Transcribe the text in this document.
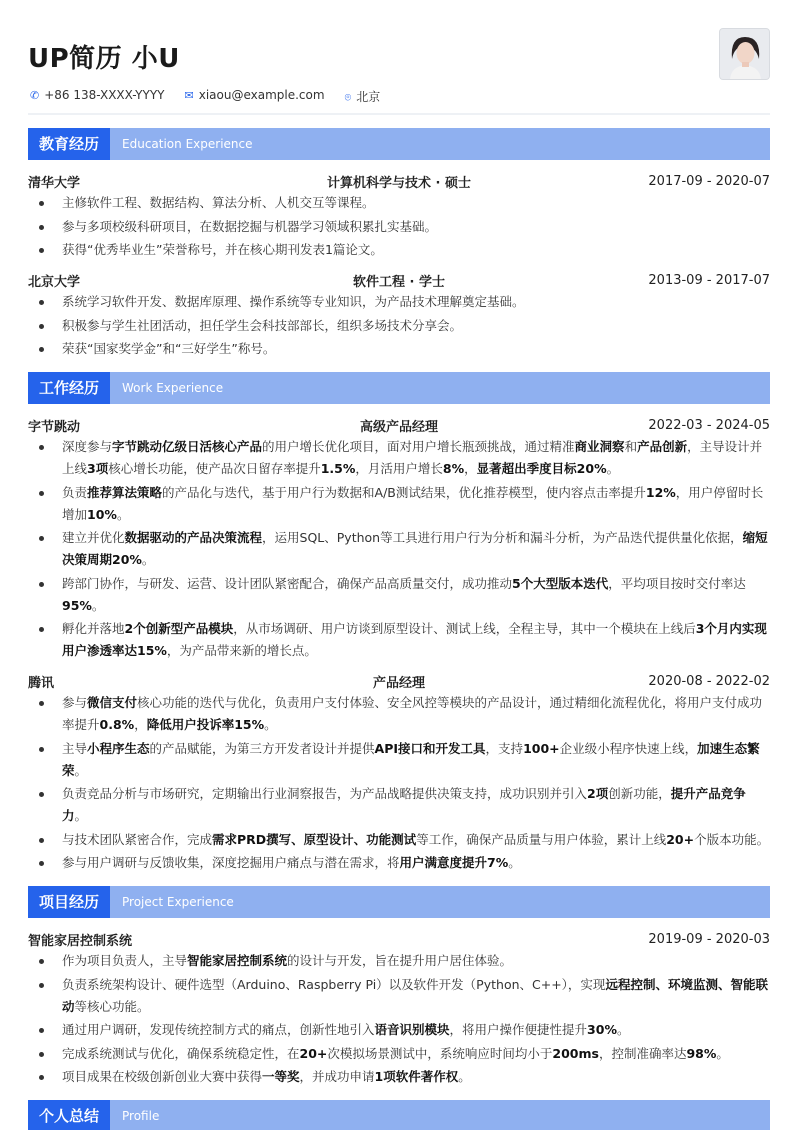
UP简历 小U
✆ +86 138-XXXX-YYYY ✉ xiaou@example.com ⌾ 北京
教育经历	Education Experience
清华大学	计算机科学与技术 · 硕士	2017-09 - 2020-07
主修软件工程、数据结构、算法分析、人机交互等课程。
参与多项校级科研项目，在数据挖掘与机器学习领域积累扎实基础。
获得“优秀毕业生”荣誉称号，并在核心期刊发表1篇论文。
北京大学	软件工程 · 学士	2013-09 - 2017-07
系统学习软件开发、数据库原理、操作系统等专业知识，为产品技术理解奠定基础。
积极参与学生社团活动，担任学生会科技部部长，组织多场技术分享会。
荣获“国家奖学金”和“三好学生”称号。
工作经历	Work Experience
字节跳动	高级产品经理	2022-03 - 2024-05
深度参与字节跳动亿级日活核心产品的用户增长优化项目，面对用户增长瓶颈挑战，通过精准商业洞察和产品创新，主导设计并上线3项核心增长功能，使产品次日留存率提升1.5%，月活用户增长8%，显著超出季度目标20%。
负责推荐算法策略的产品化与迭代，基于用户行为数据和A/B测试结果，优化推荐模型，使内容点击率提升12%，用户停留时长增加10%。
建立并优化数据驱动的产品决策流程，运用SQL、Python等工具进行用户行为分析和漏斗分析，为产品迭代提供量化依据，缩短决策周期20%。
跨部门协作，与研发、运营、设计团队紧密配合，确保产品高质量交付，成功推动5个大型版本迭代，平均项目按时交付率达95%。
孵化并落地2个创新型产品模块，从市场调研、用户访谈到原型设计、测试上线，全程主导，其中一个模块在上线后3个月内实现用户渗透率达15%，为产品带来新的增长点。
腾讯	产品经理	2020-08 - 2022-02
参与微信支付核心功能的迭代与优化，负责用户支付体验、安全风控等模块的产品设计，通过精细化流程优化，将用户支付成功率提升0.8%，降低用户投诉率15%。
主导小程序生态的产品赋能，为第三方开发者设计并提供API接口和开发工具，支持100+企业级小程序快速上线，加速生态繁荣。
负责竞品分析与市场研究，定期输出行业洞察报告，为产品战略提供决策支持，成功识别并引入2项创新功能，提升产品竞争力。
与技术团队紧密合作，完成需求PRD撰写、原型设计、功能测试等工作，确保产品质量与用户体验，累计上线20+个版本功能。
参与用户调研与反馈收集，深度挖掘用户痛点与潜在需求，将用户满意度提升7%。
项目经历	Project Experience
智能家居控制系统	2019-09 - 2020-03
作为项目负责人，主导智能家居控制系统的设计与开发，旨在提升用户居住体验。
负责系统架构设计、硬件选型（Arduino、Raspberry Pi）以及软件开发（Python、C++），实现远程控制、环境监测、智能联动等核心功能。
通过用户调研，发现传统控制方式的痛点，创新性地引入语音识别模块，将用户操作便捷性提升30%。
完成系统测试与优化，确保系统稳定性，在20+次模拟场景测试中，系统响应时间均小于200ms，控制准确率达98%。
项目成果在校级创新创业大赛中获得一等奖，并成功申请1项软件著作权。
个人总结	Profile
